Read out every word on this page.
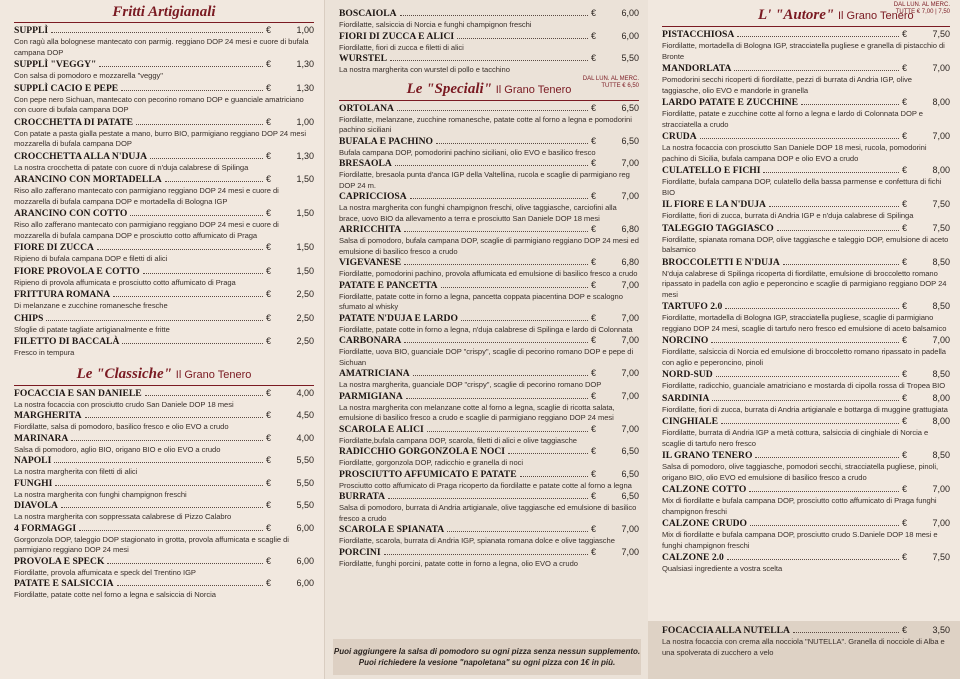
Fritti Artigianali
SUPPLÌ	€	1,00
Con ragù alla bolognese mantecato con parmig. reggiano DOP 24 mesi e cuore di bufala campana DOP
SUPPLÌ "VEGGY"	€	1,30
Con salsa di pomodoro e mozzarella "veggy"
SUPPLÌ CACIO E PEPE	€	1,30
Con pepe nero Sichuan, mantecato con pecorino romano DOP e guanciale amatriciano con cuore di bufala campana DOP
CROCCHETTA DI PATATE	€	1,00
Con patate a pasta gialla pestate a mano, burro BIO, parmigiano reggiano DOP 24 mesi mozzarella di bufala campana DOP
CROCCHETTA ALLA N'DUJA	€	1,30
La nostra crocchetta di patate con cuore di n'duja calabrese di Spilinga
ARANCINO CON MORTADELLA	€	1,50
Riso allo zafferano mantecato con parmigiano reggiano DOP 24 mesi e cuore di mozzarella di bufala campana DOP e mortadella di Bologna IGP
ARANCINO CON COTTO	€	1,50
Riso allo zafferano mantecato con parmigiano reggiano DOP 24 mesi e cuore di mozzarella di bufala campana DOP e prosciutto cotto affumicato di Praga
FIORE DI ZUCCA	€	1,50
Ripieno di bufala campana DOP e filetti di alici
FIORE PROVOLA E COTTO	€	1,50
Ripieno di provola affumicata e prosciutto cotto affumicato di Praga
FRITTURA ROMANA	€	2,50
Di melanzane e zucchine romanesche fresche
CHIPS	€	2,50
Sfoglie di patate tagliate artigianalmente e fritte
FILETTO DI BACCALÀ	€	2,50
Fresco in tempura
Le "Classiche" Il Grano Tenero
FOCACCIA E SAN DANIELE	€	4,00
La nostra focaccia con prosciutto crudo San Daniele DOP 18 mesi
MARGHERITA	€	4,50
Fiordilatte, salsa di pomodoro, basilico fresco e olio EVO a crudo
MARINARA	€	4,00
Salsa di pomodoro, aglio BIO, origano BIO e olio EVO a crudo
NAPOLI	€	5,50
La nostra margherita con filetti di alici
FUNGHI	€	5,50
La nostra margherita con funghi champignon freschi
DIAVOLA	€	5,50
La nostra margherita con soppressata calabrese di Pizzo Calabro
4 FORMAGGI	€	6,00
Gorgonzola DOP, taleggio DOP stagionato in grotta, provola affumicata e scaglie di parmigiano reggiano DOP 24 mesi
PROVOLA E SPECK	€	6,00
Fiordilatte, provola affumicata e speck del Trentino IGP
PATATE E SALSICCIA	€	6,00
Fiordilatte, patate cotte nel forno a legna e salsiccia di Norcia
BOSCAIOLA	€	6,00
Fiordilatte, salsiccia di Norcia e funghi champignon freschi
FIORI DI ZUCCA E ALICI	€	6,00
Fiordilatte, fiori di zucca e filetti di alici
WURSTEL	€	5,50
La nostra margherita con wurstel di pollo e tacchino
Le "Speciali" Il Grano Tenero
DAL LUN. AL MERC.
TUTTE € 6,50
ORTOLANA	€	6,50
Fiordilatte, melanzane, zucchine romanesche, patate cotte al forno a legna e pomodorini pachino siciliani
BUFALA E PACHINO	€	6,50
Bufala campana DOP, pomodorini pachino siciliani, olio EVO e basilico fresco
BRESAOLA	€	7,00
Fiordilatte, bresaola punta d'anca IGP della Valtellina, rucola e scaglie di parmigiano reg DOP 24 m.
CAPRICCIOSA	€	7,00
La nostra margherita con funghi champignon freschi, olive taggiasche, carciofini alla brace, uovo BIO da allevamento a terra e prosciutto San Daniele DOP 18 mesi
ARRICCHITA	€	6,80
Salsa di pomodoro, bufala campana DOP, scaglie di parmigiano reggiano DOP 24 mesi ed emulsione di basilico fresco a crudo
VIGEVANESE	€	6,80
Fiordilatte, pomodorini pachino, provola affumicata ed emulsione di basilico fresco a crudo
PATATE E PANCETTA	€	7,00
Fiordilatte, patate cotte in forno a legna, pancetta coppata piacentina DOP e scalogno sfumato al whisky
PATATE N'DUJA E LARDO	€	7,00
Fiordilatte, patate cotte in forno a legna, n'duja calabrese di Spilinga e lardo di Colonnata
CARBONARA	€	7,00
Fiordilatte, uova BIO, guanciale DOP "crispy", scaglie di pecorino romano DOP e pepe di Sichuan
AMATRICIANA	€	7,00
La nostra margherita, guanciale DOP "crispy", scaglie di pecorino romano DOP
PARMIGIANA	€	7,00
La nostra margherita con melanzane cotte al forno a legna, scaglie di ricotta salata, emulsione di basilico fresco a crudo e scaglie di parmigiano reggiano DOP 24 mesi
SCAROLA E ALICI	€	7,00
Fiordilatte,bufala campana DOP, scarola, filetti di alici e olive taggiasche
RADICCHIO GORGONZOLA E NOCI	€	6,50
Fiordilatte, gorgonzola DOP, radicchio e granella di noci
PROSCIUTTO AFFUMICATO E PATATE	€	6,50
Prosciutto cotto affumicato di Praga ricoperto da fiordilatte e patate cotte al forno a legna
BURRATA	€	6,50
Salsa di pomodoro, burrata di Andria artigianale, olive taggiasche ed emulsione di basilico fresco a crudo
SCAROLA E SPIANATA	€	7,00
Fiordilatte, scarola, burrata di Andria IGP, spianata romana dolce e olive taggiasche
PORCINI	€	7,00
Fiordilatte, funghi porcini, patate cotte in forno a legna, olio EVO a crudo
Puoi aggiungere la salsa di pomodoro su ogni pizza senza nessun supplemento.
Puoi richiedere la vesione "napoletana" su ogni pizza con 1€ in più.
L' "Autore" Il Grano Tenero
DAL LUN. AL MERC.
TUTTE € 7,00 | 7,50
PISTACCHIOSA	€	7,50
Fiordilatte, mortadella di Bologna IGP, stracciatella pugliese e granella di pistacchio di Bronte
MANDORLATA	€	7,00
Pomodorini secchi ricoperti di fiordilatte, pezzi di burrata di Andria IGP, olive taggiasche, olio EVO e mandorle in granella
LARDO PATATE E ZUCCHINE	€	8,00
Fiordilatte, patate e zucchine cotte al forno a legna e lardo di Colonnata DOP e stracciatella a crudo
CRUDA	€	7,00
La nostra focaccia con prosciutto San Daniele DOP 18 mesi, rucola, pomodorini pachino di Sicilia, bufala campana DOP e olio EVO a crudo
CULATELLO E FICHI	€	8,00
Fiordilatte, bufala campana DOP, culatello della bassa parmense e confettura di fichi BIO
IL FIORE E LA N'DUJA	€	7,50
Fiordilatte, fiori di zucca, burrata di Andria IGP e n'duja calabrese di Spilinga
TALEGGIO TAGGIASCO	€	7,50
Fiordilatte, spianata romana DOP, olive taggiasche e taleggio DOP, emulsione di aceto balsamico
BROCCOLETTI E N'DUJA	€	8,50
N'duja calabrese di Spilinga ricoperta di fiordilatte, emulsione di broccoletto romano ripassato in padella con aglio e peperoncino e scaglie di parmigiano reggiano DOP 24 mesi
TARTUFO 2.0	€	8,50
Fiordilatte, mortadella di Bologna IGP, stracciatella pugliese, scaglie di parmigiano reggiano DOP 24 mesi, scaglie di tartufo nero fresco ed emulsione di aceto balsamico
NORCINO	€	7,00
Fiordilatte, salsiccia di Norcia ed emulsione di broccoletto romano ripassato in padella con aglio e peperoncino, pinoli
NORD-SUD	€	8,50
Fiordilatte, radicchio, guanciale amatriciano e mostarda di cipolla rossa di Tropea BIO
SARDINIA	€	8,00
Fiordilatte, fiori di zucca, burrata di Andria artigianale e bottarga di muggine grattugiata
CINGHIALE	€	8,00
Fiordilatte, burrata di Andria IGP a metà cottura, salsiccia di cinghiale di Norcia e scaglie di tartufo nero fresco
IL GRANO TENERO	€	8,50
Salsa di pomodoro, olive taggiasche, pomodori secchi, stracciatella pugliese, pinoli, origano BIO, olio EVO ed emulsione di basilico fresco a crudo
CALZONE COTTO	€	7,00
Mix di fiordilatte e bufala campana DOP, prosciutto cotto affumicato di Praga funghi champignon freschi
CALZONE CRUDO	€	7,00
Mix di fiordilatte e bufala campana DOP, prosciutto crudo S.Daniele DOP 18 mesi e funghi champignon freschi
CALZONE 2.0	€	7,50
Qualsiasi ingrediente a vostra scelta
FOCACCIA ALLA NUTELLA	€	3,50
La nostra focaccia con crema alla nocciola "NUTELLA". Granella di nocciole di Alba e una spolverata di zucchero a velo
